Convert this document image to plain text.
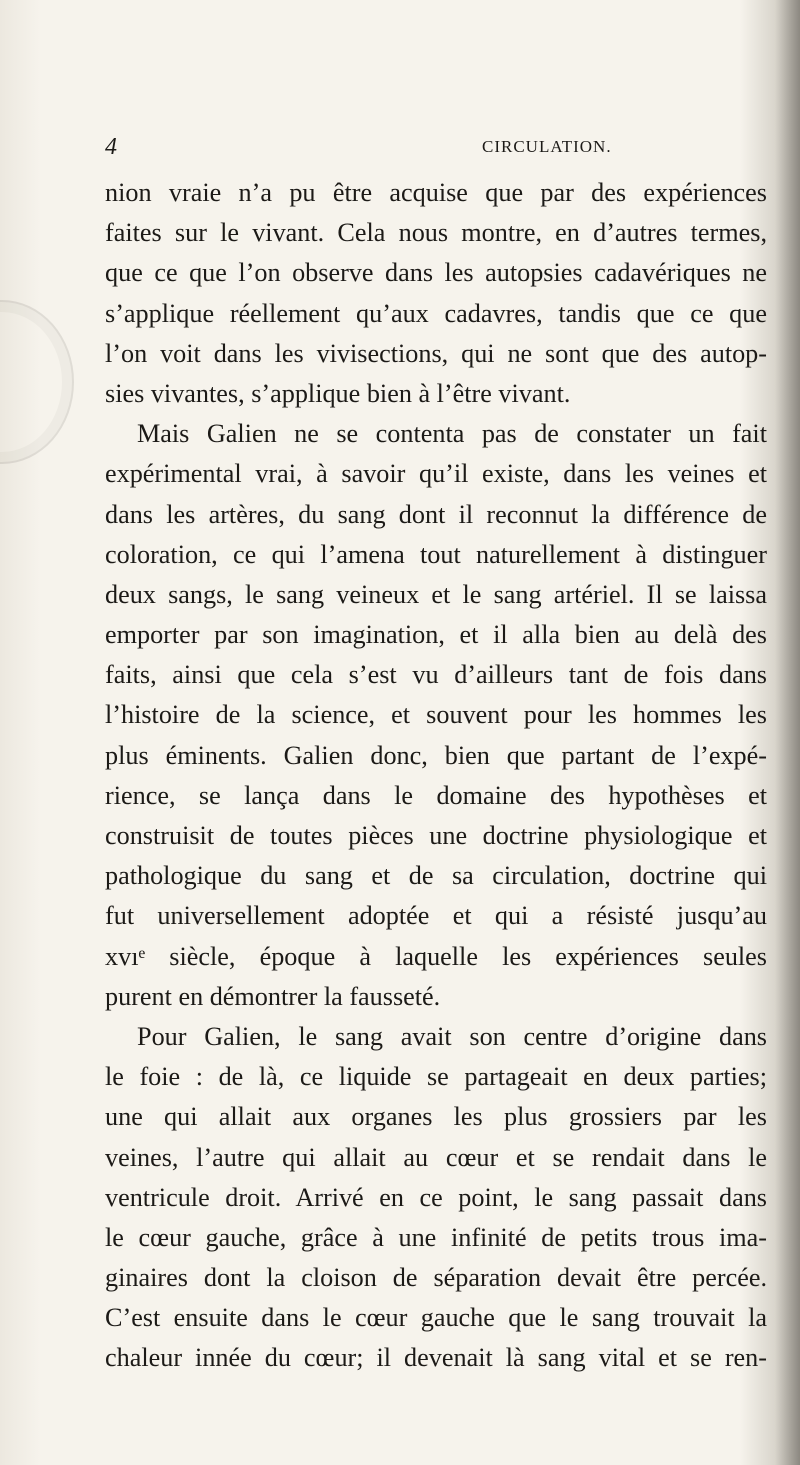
4	CIRCULATION.
nion vraie n’a pu être acquise que par des expériences
faites sur le vivant. Cela nous montre, en d’autres termes,
que ce que l’on observe dans les autopsies cadavériques ne
s’applique réellement qu’aux cadavres, tandis que ce que
l’on voit dans les vivisections, qui ne sont que des autop-
sies vivantes, s’applique bien à l’être vivant.
Mais Galien ne se contenta pas de constater un fait
expérimental vrai, à savoir qu’il existe, dans les veines et
dans les artères, du sang dont il reconnut la différence de
coloration, ce qui l’amena tout naturellement à distinguer
deux sangs, le sang veineux et le sang artériel. Il se laissa
emporter par son imagination, et il alla bien au delà des
faits, ainsi que cela s’est vu d’ailleurs tant de fois dans
l’histoire de la science, et souvent pour les hommes les
plus éminents. Galien donc, bien que partant de l’expé-
rience, se lança dans le domaine des hypothèses et
construisit de toutes pièces une doctrine physiologique et
pathologique du sang et de sa circulation, doctrine qui
fut universellement adoptée et qui a résisté jusqu’au
xvıᵉ siècle, époque à laquelle les expériences seules
purent en démontrer la fausseté.
Pour Galien, le sang avait son centre d’origine dans
le foie : de là, ce liquide se partageait en deux parties;
une qui allait aux organes les plus grossiers par les
veines, l’autre qui allait au cœur et se rendait dans le
ventricule droit. Arrivé en ce point, le sang passait dans
le cœur gauche, grâce à une infinité de petits trous ima-
ginaires dont la cloison de séparation devait être percée.
C’est ensuite dans le cœur gauche que le sang trouvait la
chaleur innée du cœur; il devenait là sang vital et se ren-
